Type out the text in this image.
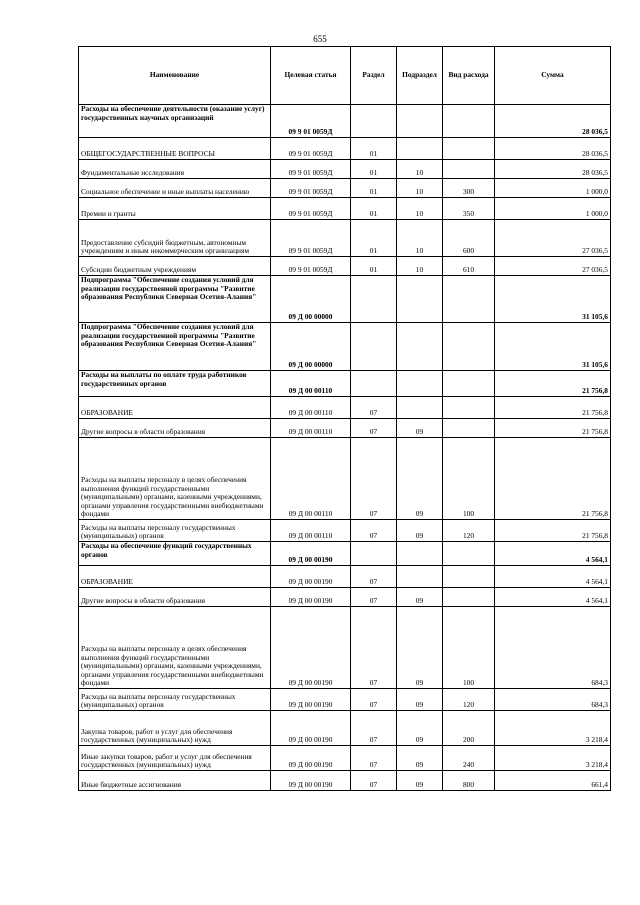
655
Наименование	Целевая статья	Раздел	Подраздел	Вид расхода	Сумма
Расходы на обеспечение деятельности (оказание услуг) государственных научных организаций	09 9 01 0059Д				28 036,5
ОБЩЕГОСУДАРСТВЕННЫЕ ВОПРОСЫ	09 9 01 0059Д	01			28 036,5
Фундаментальные исследования	09 9 01 0059Д	01	10		28 036,5
Социальное обеспечение и иные выплаты населению	09 9 01 0059Д	01	10	300	1 000,0
Премии и гранты	09 9 01 0059Д	01	10	350	1 000,0
Предоставление субсидий бюджетным, автономным учреждениям и иным некоммерческим организациям	09 9 01 0059Д	01	10	600	27 036,5
Субсидии бюджетным учреждениям	09 9 01 0059Д	01	10	610	27 036,5
Подпрограмма "Обеспечение создания условий для реализации государственной программы "Развитие образования Республики Северная Осетия-Алания"	09 Д 00 00000				31 105,6
Подпрограмма "Обеспечение создания условий для реализации государственной программы "Развитие образования Республики Северная Осетия-Алания"	09 Д 00 00000				31 105,6
Расходы на выплаты по оплате труда работников государственных органов	09 Д 00 00110				21 756,8
ОБРАЗОВАНИЕ	09 Д 00 00110	07			21 756,8
Другие вопросы в области образования	09 Д 00 00110	07	09		21 756,8
Расходы на выплаты персоналу в целях обеспечения выполнения функций государственными (муниципальными) органами, казенными учреждениями, органами управления государственными внебюджетными фондами	09 Д 00 00110	07	09	100	21 756,8
Расходы на выплаты персоналу государственных (муниципальных) органов	09 Д 00 00110	07	09	120	21 756,8
Расходы на обеспечение функций государственных органов	09 Д 00 00190				4 564,1
ОБРАЗОВАНИЕ	09 Д 00 00190	07			4 564,1
Другие вопросы в области образования	09 Д 00 00190	07	09		4 564,1
Расходы на выплаты персоналу в целях обеспечения выполнения функций государственными (муниципальными) органами, казенными учреждениями, органами управления государственными внебюджетными фондами	09 Д 00 00190	07	09	100	684,3
Расходы на выплаты персоналу государственных (муниципальных) органов	09 Д 00 00190	07	09	120	684,3
Закупка товаров, работ и услуг для обеспечения государственных (муниципальных) нужд	09 Д 00 00190	07	09	200	3 218,4
Иные закупки товаров, работ и услуг для обеспечения государственных (муниципальных) нужд	09 Д 00 00190	07	09	240	3 218,4
Иные бюджетные ассигнования	09 Д 00 00190	07	09	800	661,4
